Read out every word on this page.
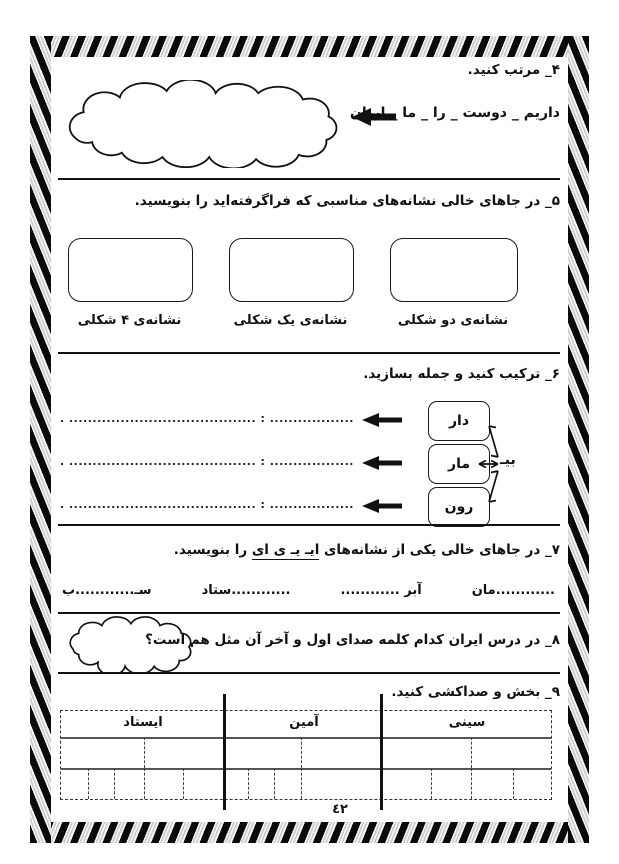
۴_ مرتب کنید.
داریم _ دوست _ را _ ما _ ایران
۵_ در جاهای خالی نشانه‌های مناسبی که فراگرفته‌اید را بنویسید.
نشانه‌ی دو شکلی
نشانه‌ی یک شکلی
نشانه‌ی ۴ شکلی
۶_ ترکیب کنید و جمله بسازید.
دار
مار
رون
. ........................................ : ..................
. ........................................ : ..................
. ........................................ : ..................
بیـ
۷_ در جاهای خالی یکی از نشانه‌های ایـ یـ ی ای را بنویسید.
............مان
آبر ............
............ستاد
سـ............ب
۸_ در درس ایران کدام کلمه صدای اول و آخر آن مثل هم است؟
۹_ بخش و صداکشی کنید.
سینی
آمین
ایستاد
٤٢
